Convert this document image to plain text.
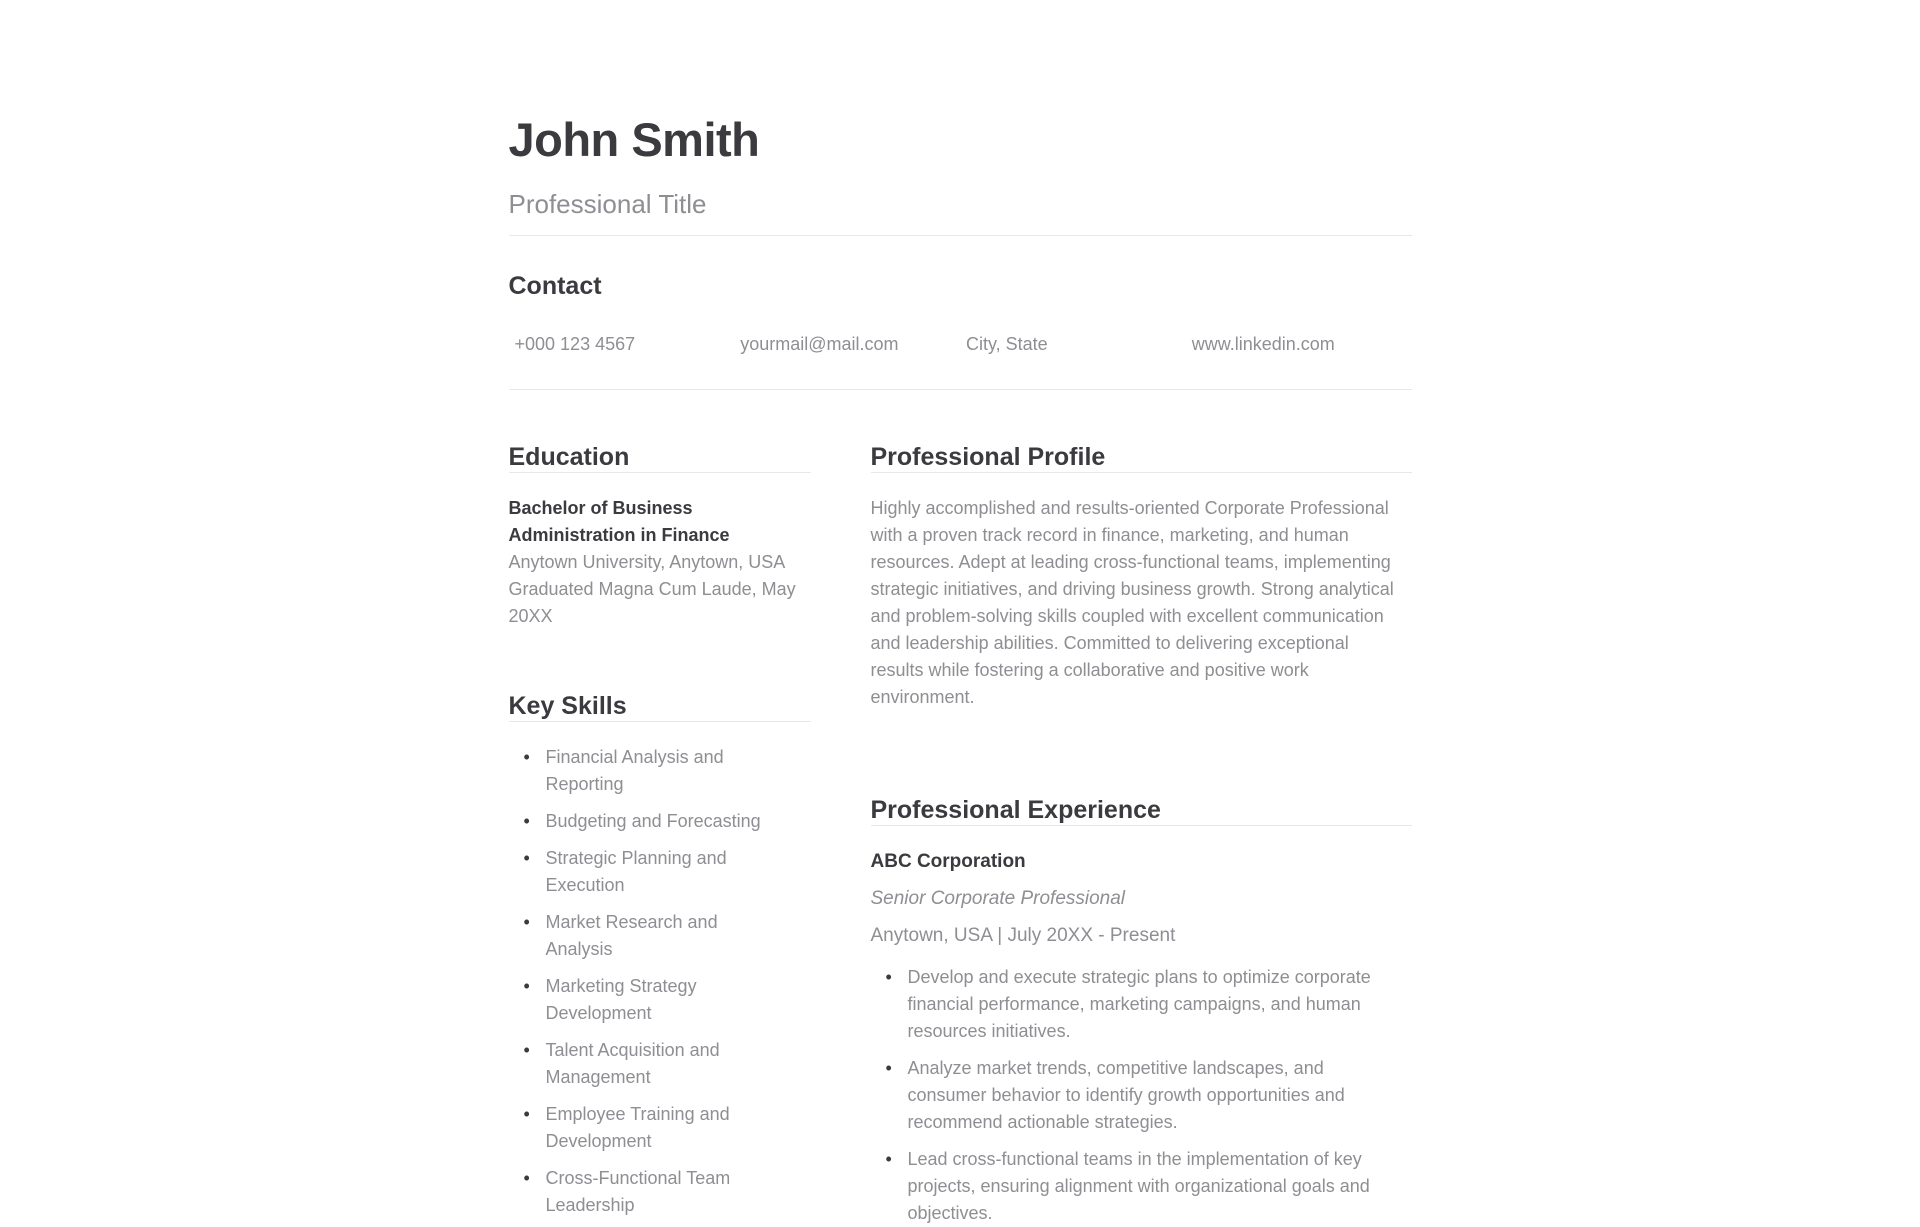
John Smith
Professional Title
Contact
+000 123 4567	yourmail@mail.com	City, State	www.linkedin.com
Education
Bachelor of Business Administration in Finance
Anytown University, Anytown, USA
Graduated Magna Cum Laude, May 20XX
Key Skills
• Financial Analysis and Reporting
• Budgeting and Forecasting
• Strategic Planning and Execution
• Market Research and Analysis
• Marketing Strategy Development
• Talent Acquisition and Management
• Employee Training and Development
• Cross-Functional Team Leadership
Professional Profile

Highly accomplished and results-oriented Corporate Professional with a proven track record in finance, marketing, and human resources. Adept at leading cross-functional teams, implementing strategic initiatives, and driving business growth. Strong analytical and problem-solving skills coupled with excellent communication and leadership abilities. Committed to delivering exceptional results while fostering a collaborative and positive work environment.

Professional Experience
ABC Corporation
Senior Corporate Professional
Anytown, USA | July 20XX - Present
• Develop and execute strategic plans to optimize corporate financial performance, marketing campaigns, and human resources initiatives.
• Analyze market trends, competitive landscapes, and consumer behavior to identify growth opportunities and recommend actionable strategies.
• Lead cross-functional teams in the implementation of key projects, ensuring alignment with organizational goals and objectives.
